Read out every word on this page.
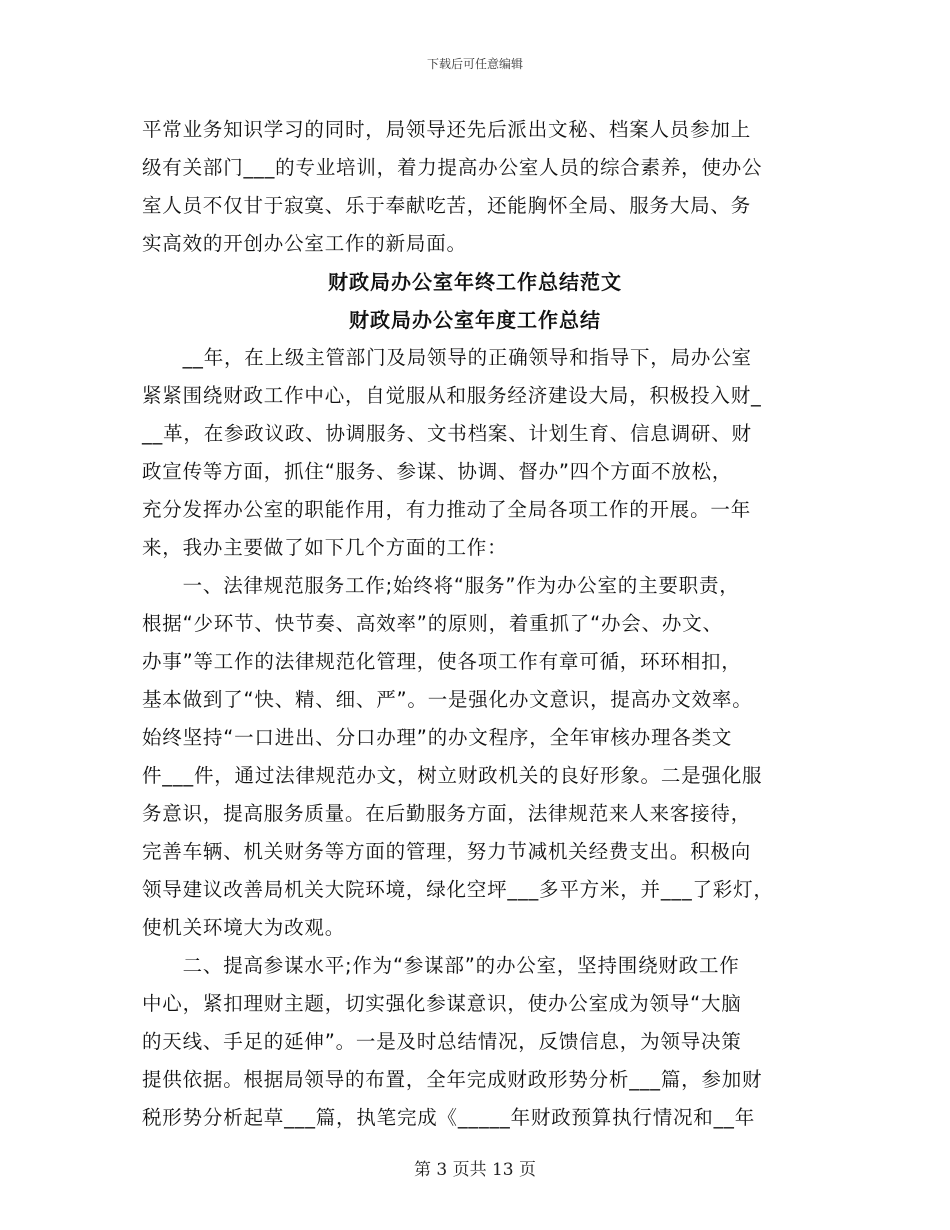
下载后可任意编辑
平常业务知识学习的同时，局领导还先后派出文秘、档案人员参加上
级有关部门___的专业培训，着力提高办公室人员的综合素养，使办公
室人员不仅甘于寂寞、乐于奉献吃苦，还能胸怀全局、服务大局、务
实高效的开创办公室工作的新局面。
财政局办公室年终工作总结范文
财政局办公室年度工作总结
　　__年，在上级主管部门及局领导的正确领导和指导下，局办公室
紧紧围绕财政工作中心，自觉服从和服务经济建设大局，积极投入财_
__革，在参政议政、协调服务、文书档案、计划生育、信息调研、财
政宣传等方面，抓住“服务、参谋、协调、督办”四个方面不放松，
充分发挥办公室的职能作用，有力推动了全局各项工作的开展。一年
来，我办主要做了如下几个方面的工作：
　　一、法律规范服务工作;始终将“服务”作为办公室的主要职责，
根据“少环节、快节奏、高效率”的原则，着重抓了“办会、办文、
办事”等工作的法律规范化管理，使各项工作有章可循，环环相扣，
基本做到了“快、精、细、严”。一是强化办文意识，提高办文效率。
始终坚持“一口进出、分口办理”的办文程序，全年审核办理各类文
件___件，通过法律规范办文，树立财政机关的良好形象。二是强化服
务意识，提高服务质量。在后勤服务方面，法律规范来人来客接待，
完善车辆、机关财务等方面的管理，努力节减机关经费支出。积极向
领导建议改善局机关大院环境，绿化空坪___多平方米，并___了彩灯，
使机关环境大为改观。
　　二、提高参谋水平;作为“参谋部”的办公室，坚持围绕财政工作
中心，紧扣理财主题，切实强化参谋意识，使办公室成为领导“大脑
的天线、手足的延伸”。一是及时总结情况，反馈信息，为领导决策
提供依据。根据局领导的布置，全年完成财政形势分析___篇，参加财
税形势分析起草___篇，执笔完成《_____年财政预算执行情况和__年
第 3 页共 13 页
